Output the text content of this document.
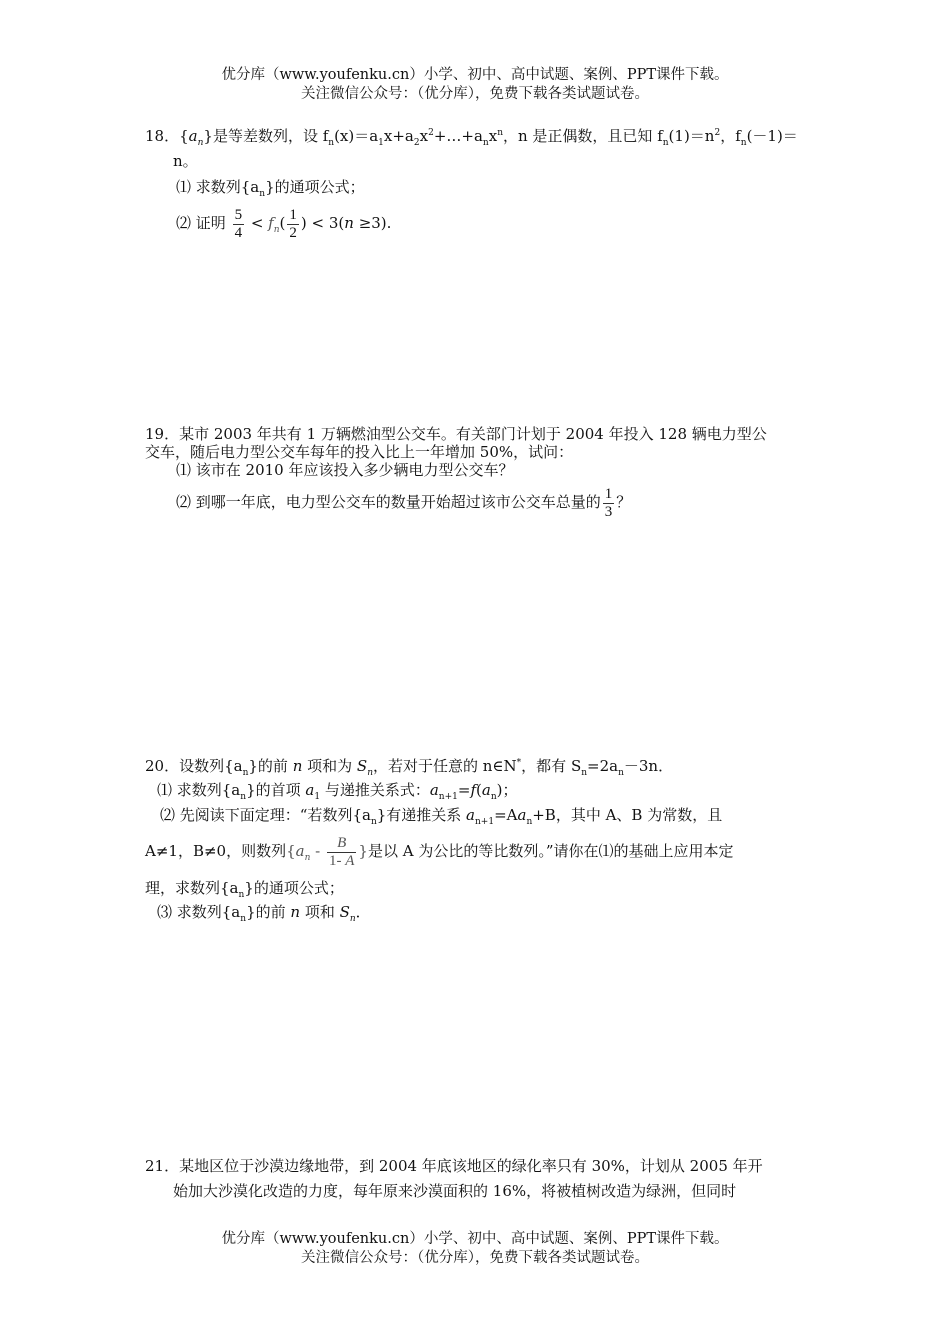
优分库（www.youfenku.cn）小学、初中、高中试题、案例、PPT课件下载。
关注微信公众号：（优分库），免费下载各类试题试卷。
18．$\{a_n\}$是等差数列，设 $f_n(x)=a_1x+a_2x^2+\dots+a_nx^n$，n 是正偶数，且已知 $f_n(1)=n^2$，$f_n(-1)=$
n。
⑴ 求数列$\{a_n\}$的通项公式；
⑵ 证明 $\frac{5}{4} < f_n( \frac{1}{2}$ ) < 3(n ≥3).
19．某市 2003 年共有 1 万辆燃油型公交车。有关部门计划于 2004 年投入 128 辆电力型公
交车，随后电力型公交车每年的投入比上一年增加 50%，试问：
⑴ 该市在 2010 年应该投入多少辆电力型公交车？
⑵ 到哪一年底，电力型公交车的数量开始超过该市公交车总量的 $\frac{1}{3}$ ？
20．设数列$\{a_n\}$的前 n 项和为 $S_n$，若对于任意的 n∈N*，都有 $S_n=2a_n-3n$．
⑴ 求数列$\{a_n\}$的首项 $a_1$ 与递推关系式：$a_{n+1}=f(a_n)$；
⑵ 先阅读下面定理：“若数列$\{a_n\}$有递推关系 $a_{n+1}=Aa_n+B$，其中 A、B 为常数，且
A≠1，B≠0，则数列{$a_n - \frac{B}{1- A}$ }是以 A 为公比的等比数列。”请你在⑴的基础上应用本定
理，求数列$\{a_n\}$的通项公式；
⑶ 求数列$\{a_n\}$的前 n 项和 $S_n$．
21．某地区位于沙漠边缘地带，到 2004 年底该地区的绿化率只有 30%，计划从 2005 年开
始加大沙漠化改造的力度，每年原来沙漠面积的 16%，将被植树改造为绿洲，但同时
优分库（www.youfenku.cn）小学、初中、高中试题、案例、PPT课件下载。
关注微信公众号：（优分库），免费下载各类试题试卷。
